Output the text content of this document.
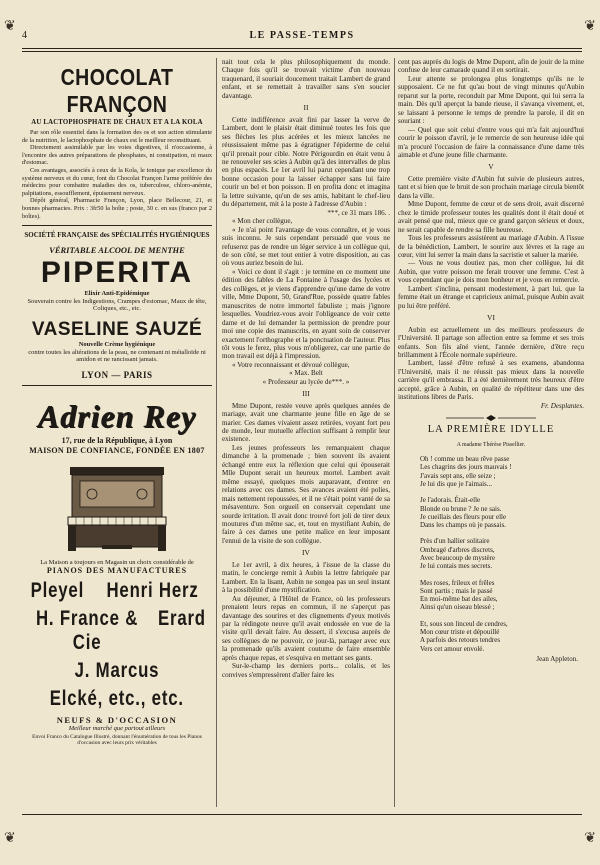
❦	❦
❦	❦
4	LE PASSE-TEMPS
CHOCOLAT FRANÇON
AU LACTOPHOSPHATE DE CHAUX ET A LA KOLA

Par son rôle essentiel dans la formation des os et son action stimulante de la nutrition, le lactophosphate de chaux est le meilleur reconstituant.

Directement assimilable par les voies digestives, il n'occasionne, à l'encontre des autres préparations de phosphates, ni constipation, ni maux d'estomac.

Ces avantages, associés à ceux de la Kola, le tonique par excellence du système nerveux et du cœur, font du Chocolat Françon l'arme préférée des médecins pour combattre maladies des os, tuberculose, chloro-anémie, palpitations, essoufflement, épuisement nerveux.

Dépôt général, Pharmacie Françon, Lyon, place Bellecour, 21, et bonnes pharmacies. Prix : 3fr50 la boîte ; poste, 30 c. en sus (franco par 2 boîtes).

SOCIÉTÉ FRANÇAISE des SPÉCIALITÉS HYGIÉNIQUES
VÉRITABLE ALCOOL DE MENTHE
PIPERITA
Elixir Anti-Epidémique
Souverain contre les Indigestions, Crampes d'estomac, Maux de tête, Coliques, etc., etc.
VASELINE SAUZÉ
Nouvelle Crème hygiénique
contre toutes les altérations de la peau, ne contenant ni métalloïde ni amidon et ne rancissant jamais.
LYON — PARIS
Adrien Rey
17, rue de la République, à Lyon
MAISON DE CONFIANCE, FONDÉE EN 1807
La Maison a toujours en Magasin un choix considérable de
PIANOS DES MANUFACTURES
Pleyel Henri Herz
H. France & Cie
Erard
J. Marcus
Elcké, etc., etc.
NEUFS & D'OCCASION
Meilleur marché que partout ailleurs
Envoi Franco du Catalogue Illustré, donnant l'énumération de tous les Pianos d'occasion avec leurs prix véritables

nait tout cela le plus philosophiquement du monde. Chaque fois qu'il se trouvait victime d'un nouveau traquenard, il souriait doucement traitait Lambert de grand enfant, et se remettait à travailler sans s'en soucier davantage.

II

Cette indifférence avait fini par lasser la verve de Lambert, dont le plaisir était diminué toutes les fois que ses flèches les plus acérées et les mieux lancées ne réussissaient même pas à égratigner l'épiderme de celui qu'il prenait pour cible. Notre Périgourdin en était venu à ne renouveler ses scies à Aubin qu'à des intervalles de plus en plus espacés. Le 1er avril lui parut cependant une trop bonne occasion pour la laisser échapper sans lui faire courir un bel et bon poisson. Il en profita donc et imagina la lettre suivante, qu'un de ses amis, habitant le chef-lieu du département, mit à la poste à l'adresse d'Aubin :

***, ce 31 mars 186. .

« Mon cher collègue,

« Je n'ai point l'avantage de vous connaître, et je vous suis inconnu. Je suis cependant persuadé que vous ne refuserez pas de rendre un léger service à un collègue qui, de son côté, se met tout entier à votre disposition, au cas où vous auriez besoin de lui.

« Voici ce dont il s'agit : je termine en ce moment une édition des fables de La Fontaine à l'usage des lycées et des collèges, et je viens d'apprendre qu'une dame de votre ville, Mme Dupont, 50, Grand'Rue, possède quatre fables manuscrites de notre immortel fabuliste ; mais j'ignore lesquelles. Voudriez-vous avoir l'obligeance de voir cette dame et de lui demander la permission de prendre pour moi une copie des manuscrits, en ayant soin de conserver exactement l'orthographe et la ponctuation de l'auteur. Plus tôt vous le ferez, plus vous m'obligerez, car une partie de mon travail est déjà à l'impression.

« Votre reconnaissant et dévoué collègue,

« Max. Belt

« Professeur au lycée de***. »

III

Mme Dupont, restée veuve après quelques années de mariage, avait une charmante jeune fille en âge de se marier. Ces dames vivaient assez retirées, voyant fort peu de monde, leur mutuelle affection suffisant à remplir leur existence.

Les jeunes professeurs les remarquaient chaque dimanche à la promenade ; bien souvent ils avaient échangé entre eux la réflexion que celui qui épouserait Mlle Dupont serait un heureux mortel. Lambert avait même essayé, quelques mois auparavant, d'entrer en relations avec ces dames. Ses avances avaient été polies, mais nettement repoussées, et il ne s'était point vanté de sa mésaventure. Son orgueil en conservait cependant une sourde irritation. Il avait donc trouvé fort joli de tirer deux moutures d'un même sac, et, tout en mystifiant Aubin, de faire à ces dames une petite malice en leur imposant l'ennui de la visite de son collègue.

IV

Le 1er avril, à dix heures, à l'issue de la classe du matin, le concierge remit à Aubin la lettre fabriquée par Lambert. En la lisant, Aubin ne songea pas un seul instant à la possibilité d'une mystification.

Au déjeuner, à l'Hôtel de France, où les professeurs prenaient leurs repas en commun, il ne s'aperçut pas davantage des sourires et des clignements d'yeux motivés par la rédingote neuve qu'il avait endossée en vue de la visite qu'il devait faire. Au dessert, il s'excusa auprès de ses collègues de ne pouvoir, ce jour-là, partager avec eux la promenade qu'ils avaient coutume de faire ensemble après chaque repas, et s'esquiva en mettant ses gants.

Sur-le-champ les derniers ports... colalis, et les convives s'empressèrent d'aller faire les

cent pas auprès du logis de Mme Dupont, afin de jouir de la mine confuse de leur camarade quand il en sortirait.

Leur attente se prolongea plus longtemps qu'ils ne le supposaient. Ce ne fut qu'au bout de vingt minutes qu'Aubin reparut sur la porte, reconduit par Mme Dupont, qui lui serra la main. Dès qu'il aperçut la bande rieuse, il s'avança vivement, et, se laissant à personne le temps de prendre la parole, il dit en souriant :

— Quel que soit celui d'entre vous qui m'a fait aujourd'hui courir le poisson d'avril, je le remercie de son heureuse idée qui m'a procuré l'occasion de faire la connaissance d'une dame très aimable et d'une jeune fille charmante.

V

Cette première visite d'Aubin fut suivie de plusieurs autres, tant et si bien que le bruit de son prochain mariage circula bientôt dans la ville.

Mme Dupont, femme de cœur et de sens droit, avait discerné chez le timide professeur toutes les qualités dont il était doué et avait pensé que nul, mieux que ce grand garçon sérieux et doux, ne serait capable de rendre sa fille heureuse.

Tous les professeurs assistèrent au mariage d'Aubin. A l'issue de la bénédiction, Lambert, le sourire aux lèvres et la rage au cœur, vint lui serrer la main dans la sacristie et saluer la mariée.

— Vous ne vous doutiez pas, mon cher collègue, lui dit Aubin, que votre poisson me ferait trouver une femme. C'est à vous cependant que je dois mon bonheur et je vous en remercie.

Lambert s'inclina, pensant modestement, à part lui, que la femme était un étrange et capricieux animal, puisque Aubin avait pu lui être préféré.

VI

Aubin est actuellement un des meilleurs professeurs de l'Université. Il partage son affection entre sa femme et ses trois enfants. Son fils aîné vient, l'année dernière, d'être reçu brillamment à l'École normale supérieure.

Lambert, lassé d'être refusé à ses examens, abandonna l'Université, mais il ne réussit pas mieux dans la nouvelle carrière qu'il embrassa. Il a été dernièrement très heureux d'être accepté, grâce à Aubin, en qualité de répétiteur dans une des institutions libres de Paris.

Fr. Desplantes.

LA PREMIÈRE IDYLLE
A madame Thérèse Pissellier.

Oh ! comme un beau rêve passe

Les chagrins des jours mauvais !

J'avais sept ans, elle seize ;

Je lui dis que je l'aimais...

Je l'adorais. Était-elle

Blonde ou brune ? Je ne sais.

Je cueillais des fleurs pour elle

Dans les champs où je passais.

Près d'un hallier solitaire

Ombragé d'arbres discrets,

Avec beaucoup de mystère

Je lui contais mes secrets.

Mes roses, frileux et frêles

Sont partis ; mais le passé

En moi-même bat des ailes,

Ainsi qu'un oiseau blessé ;

Et, sous son linceul de cendres,

Mon cœur triste et dépouillé

A parfois des retours tendres

Vers cet amour envolé.

Jean Appleton.
